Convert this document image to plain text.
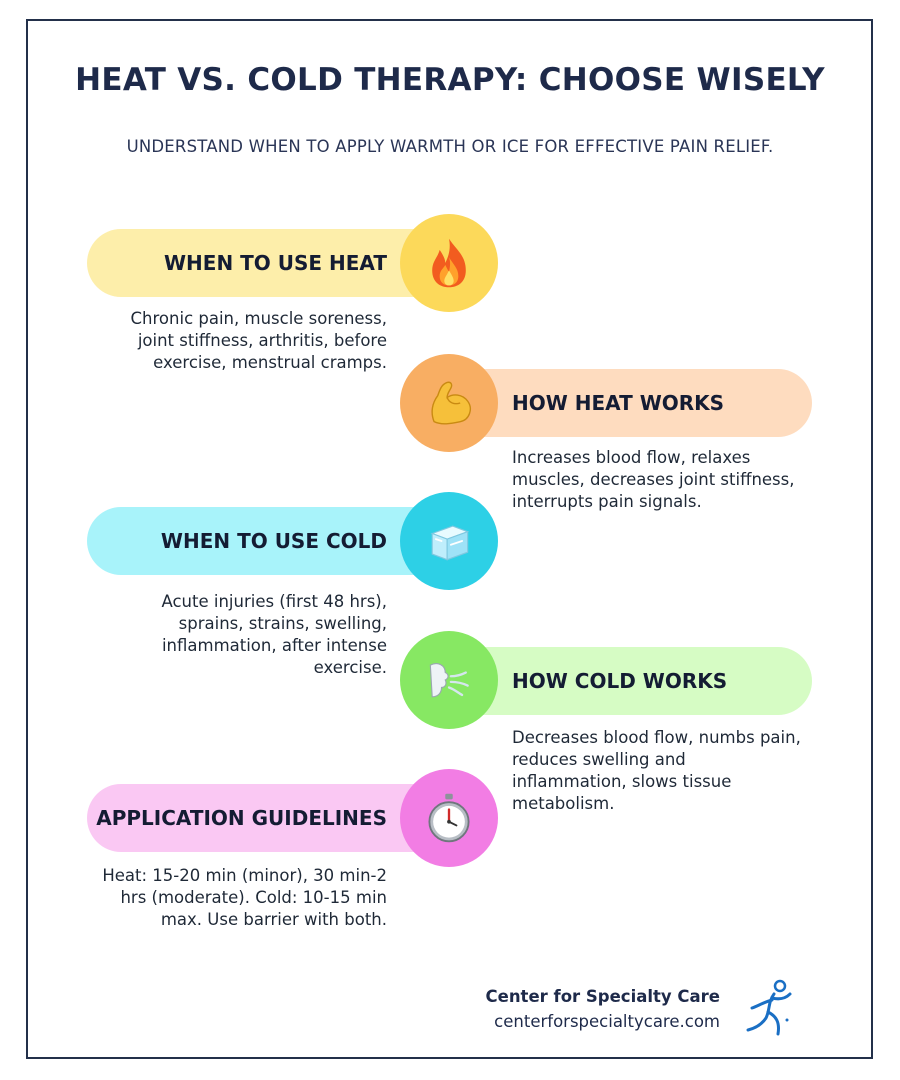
HEAT VS. COLD THERAPY: CHOOSE WISELY
UNDERSTAND WHEN TO APPLY WARMTH OR ICE FOR EFFECTIVE PAIN RELIEF.
WHEN TO USE HEAT
Chronic pain, muscle soreness, joint stiffness, arthritis, before exercise, menstrual cramps.
HOW HEAT WORKS
Increases blood flow, relaxes muscles, decreases joint stiffness, interrupts pain signals.
WHEN TO USE COLD
Acute injuries (first 48 hrs), sprains, strains, swelling, inflammation, after intense exercise.
HOW COLD WORKS
Decreases blood flow, numbs pain, reduces swelling and inflammation, slows tissue metabolism.
APPLICATION GUIDELINES
Heat: 15-20 min (minor), 30 min-2 hrs (moderate). Cold: 10-15 min max. Use barrier with both.
Center for Specialty Care
centerforspecialtycare.com
